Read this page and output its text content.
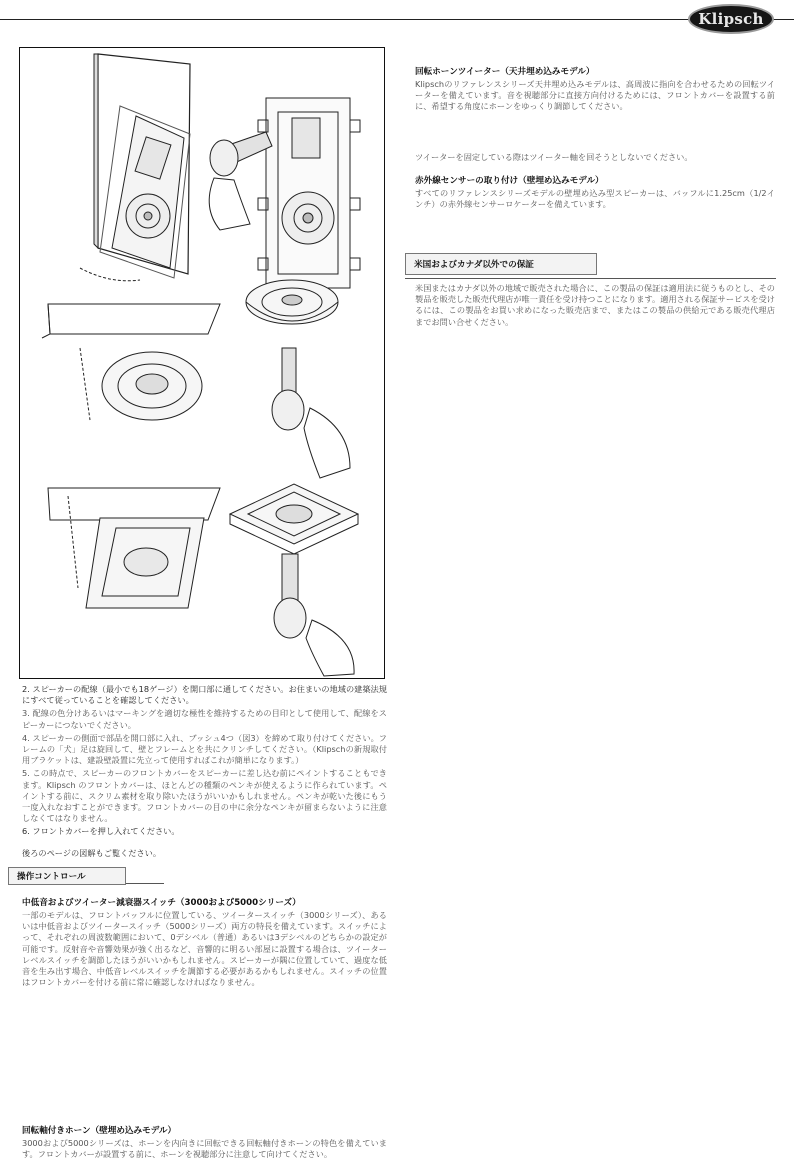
Klipsch

2. スピーカーの配線（最小でも18ゲージ）を開口部に通してください。お住まいの地域の建築法規にすべて従っていることを確認してください。

3. 配線の色分けあるいはマーキングを適切な極性を維持するための目印として使用して、配線をスピーカーにつないでください。

4. スピーカーの側面で部品を開口部に入れ、ブッシュ4つ（図3）を締めて取り付けてください。フレームの「犬」足は旋回して、壁とフレームとを共にクリンチしてください。（Klipschの新規取付用ブラケットは、建設壁設置に先立って使用すればこれが簡単になります。）

5. この時点で、スピーカーのフロントカバーをスピーカーに差し込む前にペイントすることもできます。Klipsch のフロントカバーは、ほとんどの種類のペンキが使えるように作られています。ペイントする前に、スクリム素材を取り除いたほうがいいかもしれません。ペンキが乾いた後にもう一度入れなおすことができます。フロントカバーの目の中に余分なペンキが留まらないように注意しなくてはなりません。

6. フロントカバーを押し入れてください。

後ろのページの図解もご覧ください。

操作コントロール
中低音およびツイーター減衰器スイッチ（3000および5000シリーズ）

一部のモデルは、フロントバッフルに位置している、ツイータースイッチ（3000シリーズ）、あるいは中低音およびツイータースイッチ（5000シリーズ）両方の特長を備えています。スイッチによって、それぞれの周波数範囲において、0デシベル（普通）あるいは3デシベルのどちらかの設定が可能です。反射音や音響効果が強く出るなど、音響的に明るい部屋に設置する場合は、ツイーターレベルスイッチを調節したほうがいいかもしれません。スピーカーが隅に位置していて、過度な低音を生み出す場合、中低音レベルスイッチを調節する必要があるかもしれません。スイッチの位置はフロントカバーを付ける前に常に確認しなければなりません。

回転軸付きホーン（壁埋め込みモデル）

3000および5000シリーズは、ホーンを内向きに回転できる回転軸付きホーンの特色を備えています。フロントカバーが設置する前に、ホーンを視聴部分に注意して向けてください。

回転ホーンツイーター（天井埋め込みモデル）

Klipschのリファレンスシリーズ天井埋め込みモデルは、高周波に指向を合わせるための回転ツイーターを備えています。音を視聴部分に直接方向付けるためには、フロントカバーを設置する前に、希望する角度にホーンをゆっくり調節してください。

ツイーターを固定している際はツイーター軸を回そうとしないでください。

赤外線センサーの取り付け（壁埋め込みモデル）

すべてのリファレンスシリーズモデルの壁埋め込み型スピーカーは、バッフルに1.25cm（1/2インチ）の赤外線センサーロケーターを備えています。

米国およびカナダ以外での保証

米国またはカナダ以外の地域で販売された場合に、この製品の保証は適用法に従うものとし、その製品を販売した販売代理店が唯一責任を受け持つことになります。適用される保証サービスを受けるには、この製品をお買い求めになった販売店まで、またはこの製品の供給元である販売代理店までお問い合せください。
